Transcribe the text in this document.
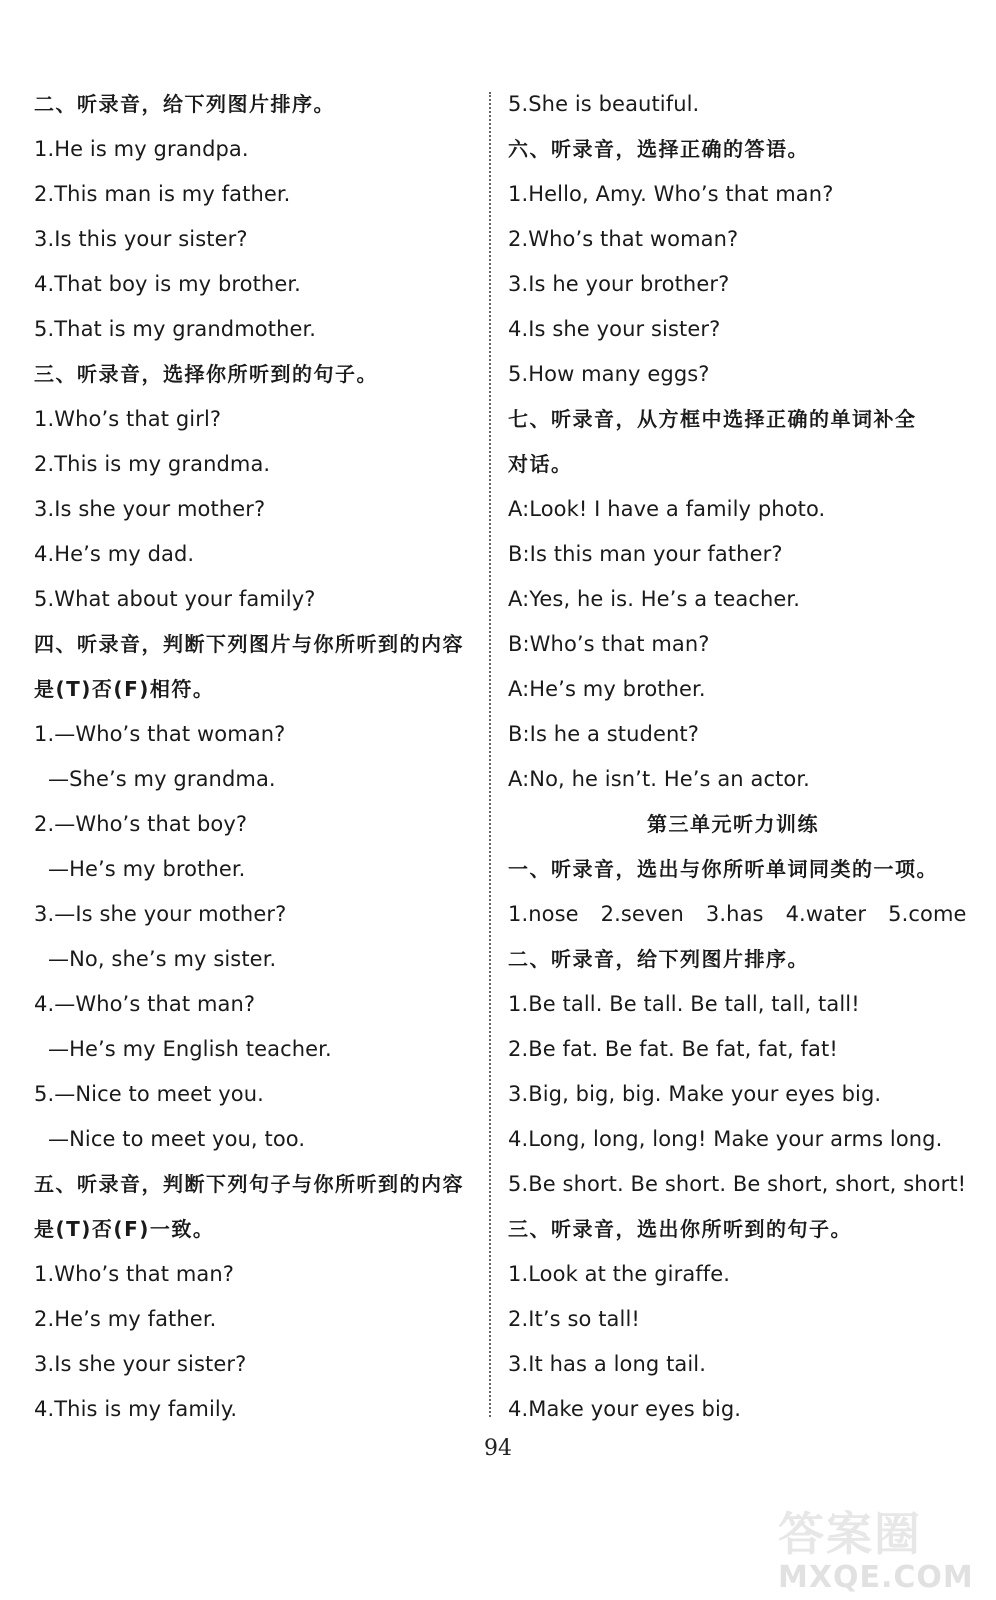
二、听录音，给下列图片排序。
1.He is my grandpa.
2.This man is my father.
3.Is this your sister?
4.That boy is my brother.
5.That is my grandmother.
三、听录音，选择你所听到的句子。
1.Who’s that girl?
2.This is my grandma.
3.Is she your mother?
4.He’s my dad.
5.What about your family?
四、听录音，判断下列图片与你所听到的内容
是(T)否(F)相符。
1.—Who’s that woman?
—She’s my grandma.
2.—Who’s that boy?
—He’s my brother.
3.—Is she your mother?
—No, she’s my sister.
4.—Who’s that man?
—He’s my English teacher.
5.—Nice to meet you.
—Nice to meet you, too.
五、听录音，判断下列句子与你所听到的内容
是(T)否(F)一致。
1.Who’s that man?
2.He’s my father.
3.Is she your sister?
4.This is my family.
5.She is beautiful.
六、听录音，选择正确的答语。
1.Hello, Amy. Who’s that man?
2.Who’s that woman?
3.Is he your brother?
4.Is she your sister?
5.How many eggs?
七、听录音，从方框中选择正确的单词补全
对话。
A:Look! I have a family photo.
B:Is this man your father?
A:Yes, he is. He’s a teacher.
B:Who’s that man?
A:He’s my brother.
B:Is he a student?
A:No, he isn’t. He’s an actor.
第三单元听力训练
一、听录音，选出与你所听单词同类的一项。
1.nose 2.seven 3.has 4.water 5.come
二、听录音，给下列图片排序。
1.Be tall. Be tall. Be tall, tall, tall!
2.Be fat. Be fat. Be fat, fat, fat!
3.Big, big, big. Make your eyes big.
4.Long, long, long! Make your arms long.
5.Be short. Be short. Be short, short, short!
三、听录音，选出你所听到的句子。
1.Look at the giraffe.
2.It’s so tall!
3.It has a long tail.
4.Make your eyes big.
94
答案圈
MXQE.COM
